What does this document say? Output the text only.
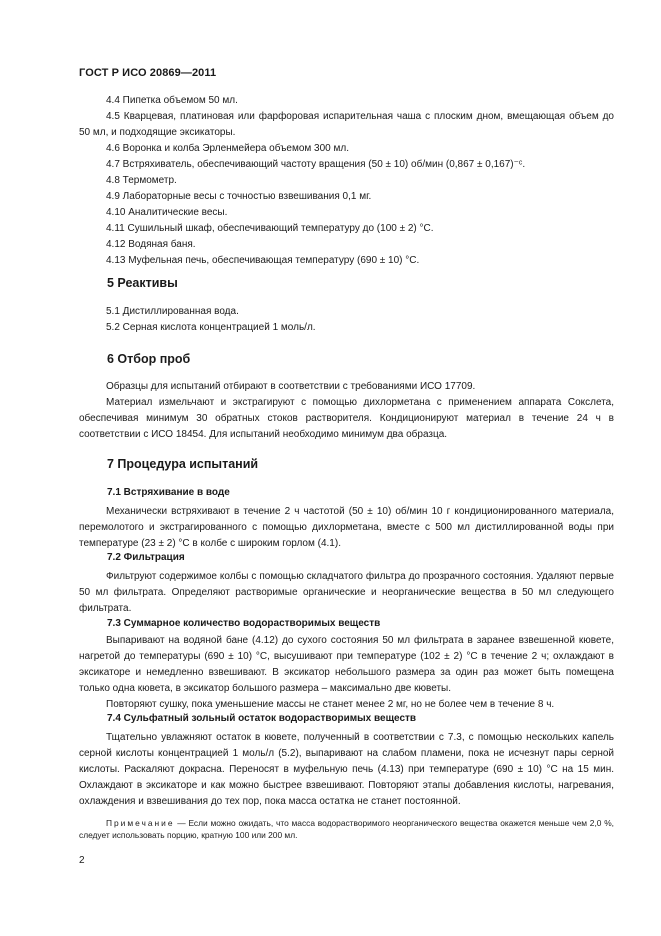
ГОСТ Р ИСО 20869—2011

4.4 Пипетка объемом 50 мл.

4.5 Кварцевая, платиновая или фарфоровая испарительная чаша с плоским дном, вмещающая объем до 50 мл, и подходящие эксикаторы.

4.6 Воронка и колба Эрленмейера объемом 300 мл.

4.7 Встряхиватель, обеспечивающий частоту вращения (50 ± 10) об/мин (0,867 ± 0,167)⁻ᶜ.

4.8 Термометр.

4.9 Лабораторные весы с точностью взвешивания 0,1 мг.

4.10 Аналитические весы.

4.11 Сушильный шкаф, обеспечивающий температуру до (100 ± 2) °С.

4.12 Водяная баня.

4.13 Муфельная печь, обеспечивающая температуру (690 ± 10) °С.

5 Реактивы

5.1 Дистиллированная вода.

5.2 Серная кислота концентрацией 1 моль/л.

6 Отбор проб

Образцы для испытаний отбирают в соответствии с требованиями ИСО 17709.

Материал измельчают и экстрагируют с помощью дихлорметана с применением аппарата Сокслета, обеспечивая минимум 30 обратных стоков растворителя. Кондиционируют материал в течение 24 ч в соответствии с ИСО 18454. Для испытаний необходимо минимум два образца.

7 Процедура испытаний
7.1 Встряхивание в воде

Механически встряхивают в течение 2 ч частотой (50 ± 10) об/мин 10 г кондиционированного материала, перемолотого и экстрагированного с помощью дихлорметана, вместе с 500 мл дистиллированной воды при температуре (23 ± 2) °С в колбе с широким горлом (4.1).

7.2 Фильтрация

Фильтруют содержимое колбы с помощью складчатого фильтра до прозрачного состояния. Удаляют первые 50 мл фильтрата. Определяют растворимые органические и неорганические вещества в 50 мл следующего фильтрата.

7.3 Суммарное количество водорастворимых веществ

Выпаривают на водяной бане (4.12) до сухого состояния 50 мл фильтрата в заранее взвешенной кювете, нагретой до температуры (690 ± 10) °С, высушивают при температуре (102 ± 2) °С в течение 2 ч; охлаждают в эксикаторе и немедленно взвешивают. В эксикатор небольшого размера за один раз может быть помещена только одна кювета, в эксикатор большого размера – максимально две кюветы.

Повторяют сушку, пока уменьшение массы не станет менее 2 мг, но не более чем в течение 8 ч.

7.4 Сульфатный зольный остаток водорастворимых веществ

Тщательно увлажняют остаток в кювете, полученный в соответствии с 7.3, с помощью нескольких капель серной кислоты концентрацией 1 моль/л (5.2), выпаривают на слабом пламени, пока не исчезнут пары серной кислоты. Раскаляют докрасна. Переносят в муфельную печь (4.13) при температуре (690 ± 10) °С на 15 мин. Охлаждают в эксикаторе и как можно быстрее взвешивают. Повторяют этапы добавления кислоты, нагревания, охлаждения и взвешивания до тех пор, пока масса остатка не станет постоянной.

Примечание — Если можно ожидать, что масса водорастворимого неорганического вещества окажется меньше чем 2,0 %, следует использовать порцию, кратную 100 или 200 мл.

2
